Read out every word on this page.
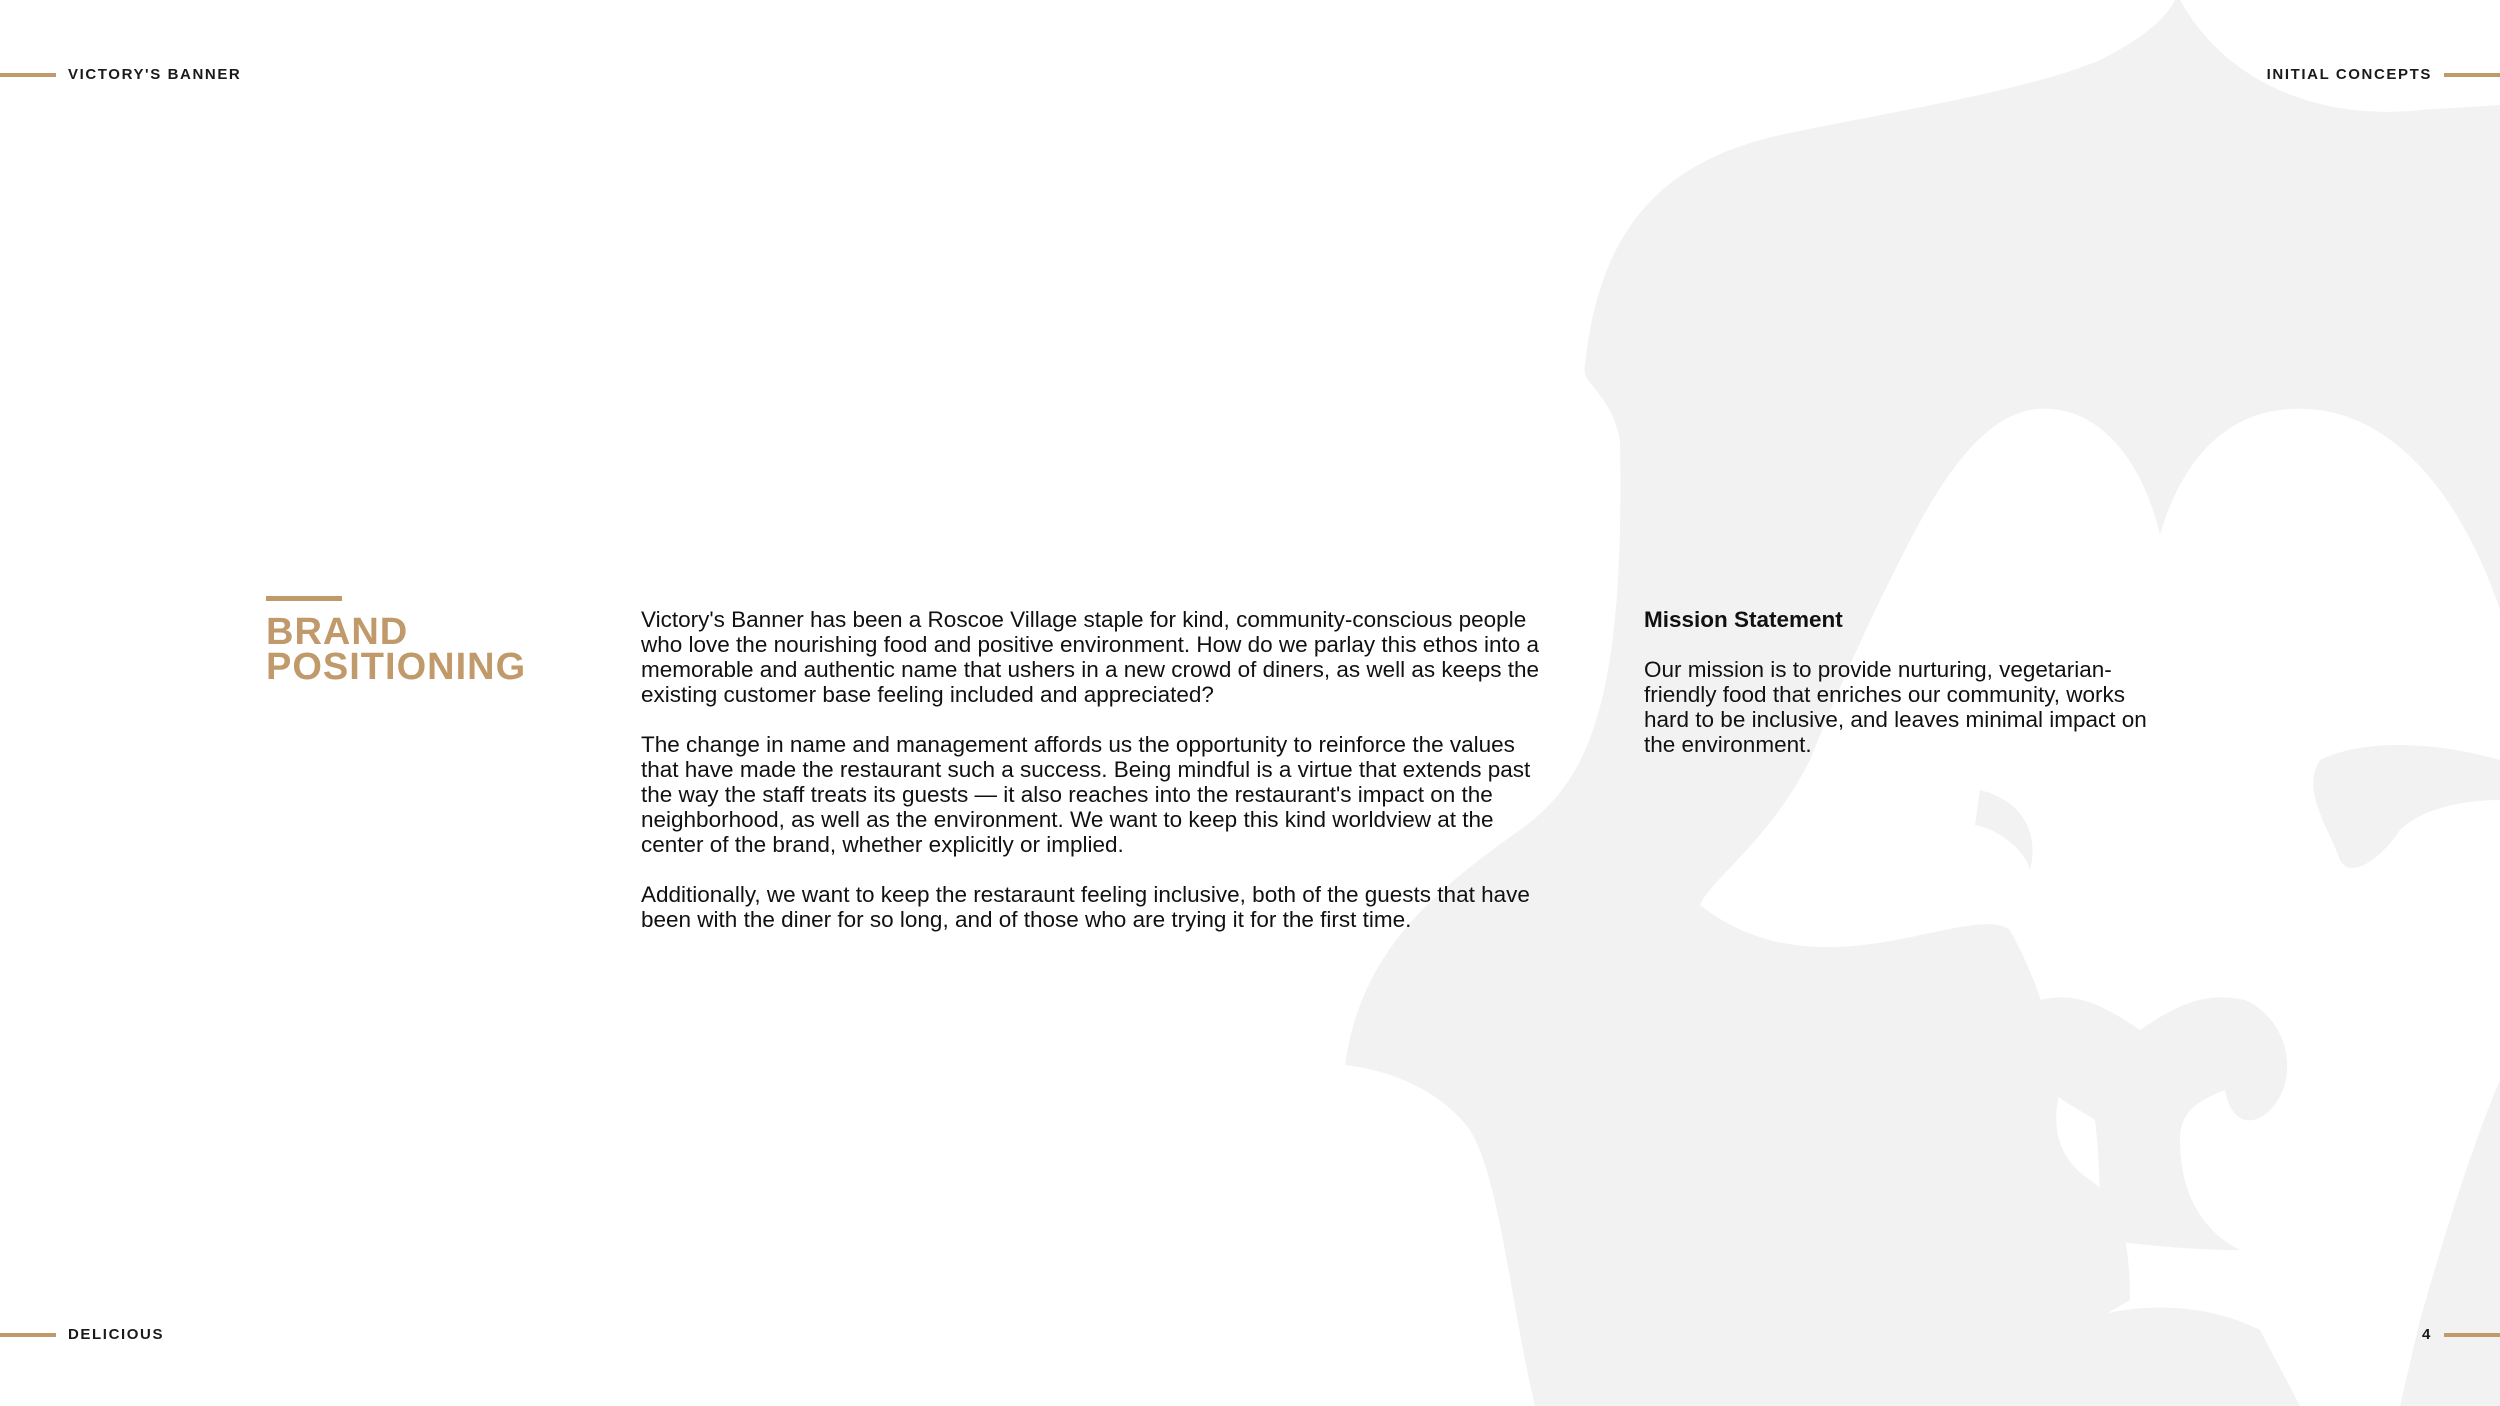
VICTORY'S BANNER	INITIAL CONCEPTS
DELICIOUS	4
BRAND
POSITIONING

Victory's Banner has been a Roscoe Village staple for kind, community-conscious people who love the nourishing food and positive environment. How do we parlay this ethos into a memorable and authentic name that ushers in a new crowd of diners, as well as keeps the existing customer base feeling included and appreciated?

The change in name and management affords us the opportunity to reinforce the values that have made the restaurant such a success. Being mindful is a virtue that extends past the way the staff treats its guests — it also reaches into the restaurant's impact on the neighborhood, as well as the environment. We want to keep this kind worldview at the center of the brand, whether explicitly or implied.

Additionally, we want to keep the restaraunt feeling inclusive, both of the guests that have been with the diner for so long, and of those who are trying it for the first time.

Mission Statement

Our mission is to provide nurturing, vegetarian-friendly food that enriches our community, works hard to be inclusive, and leaves minimal impact on the environment.
